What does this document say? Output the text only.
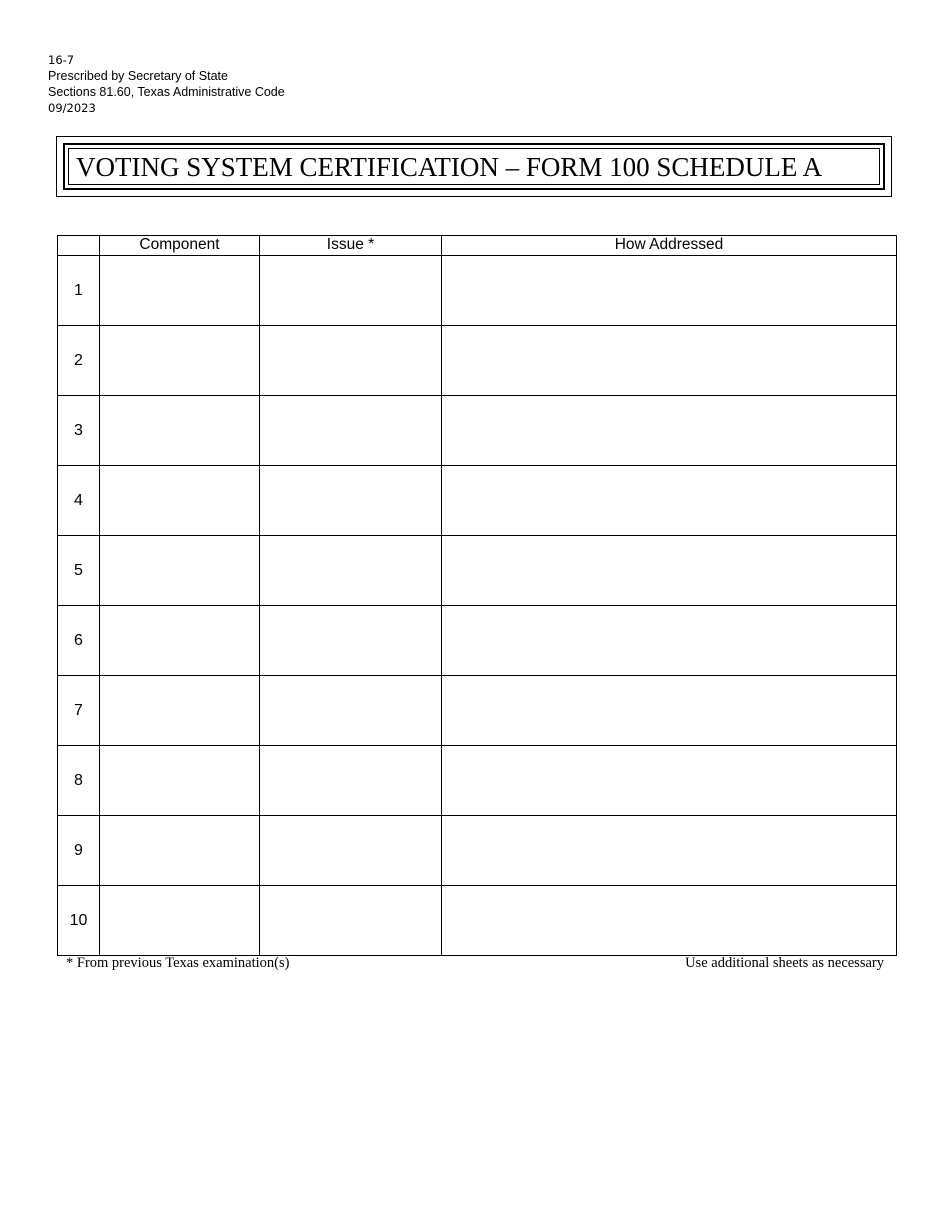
16-7
Prescribed by Secretary of State
Sections 81.60, Texas Administrative Code
09/2023
VOTING SYSTEM CERTIFICATION – FORM 100 SCHEDULE A
	Component	Issue *	How Addressed
1			
2			
3			
4			
5			
6			
7			
8			
9			
10			
* From previous Texas examination(s)	Use additional sheets as necessary
